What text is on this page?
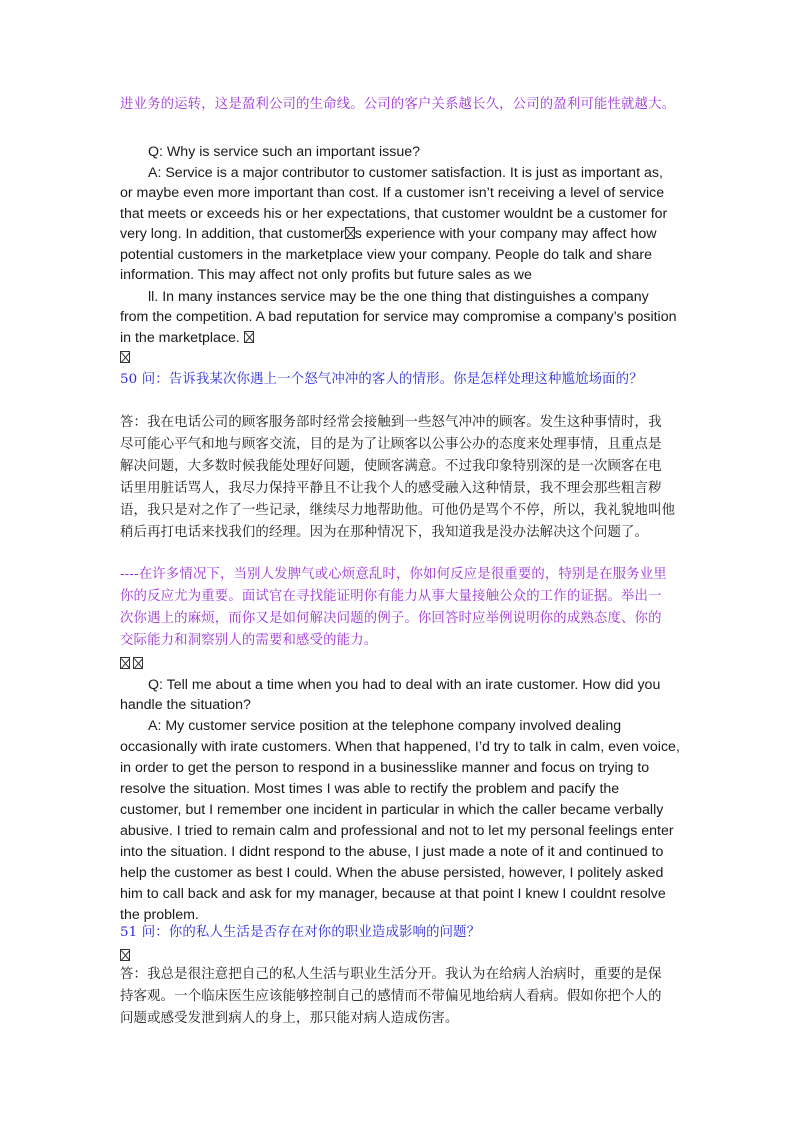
进业务的运转，这是盈利公司的生命线。公司的客户关系越长久，公司的盈利可能性就越大。
Q: Why is service such an important issue?
A: Service is a major contributor to customer satisfaction. It is just as important as,
or maybe even more important than cost. If a customer isn’t receiving a level of service
that meets or exceeds his or her expectations, that customer wouldnt be a customer for
very long. In addition, that customer s experience with your company may affect how
potential customers in the marketplace view your company. People do talk and share
information. This may affect not only profits but future sales as we
ll. In many instances service may be the one thing that distinguishes a company
from the competition. A bad reputation for service may compromise a company’s position
in the marketplace.
50 问：告诉我某次你遇上一个怒气冲冲的客人的情形。你是怎样处理这种尴尬场面的？
答：我在电话公司的顾客服务部时经常会接触到一些怒气冲冲的顾客。发生这种事情时，我
尽可能心平气和地与顾客交流，目的是为了让顾客以公事公办的态度来处理事情，且重点是
解决问题，大多数时候我能处理好问题，使顾客满意。不过我印象特别深的是一次顾客在电
话里用脏话骂人，我尽力保持平静且不让我个人的感受融入这种情景，我不理会那些粗言秽
语，我只是对之作了一些记录，继续尽力地帮助他。可他仍是骂个不停，所以，我礼貌地叫他
稍后再打电话来找我们的经理。因为在那种情况下，我知道我是没办法解决这个问题了。
----在许多情况下，当别人发脾气或心烦意乱时，你如何反应是很重要的，特别是在服务业里
你的反应尤为重要。面试官在寻找能证明你有能力从事大量接触公众的工作的证据。举出一
次你遇上的麻烦，而你又是如何解决问题的例子。你回答时应举例说明你的成熟态度、你的
交际能力和洞察别人的需要和感受的能力。
Q: Tell me about a time when you had to deal with an irate customer. How did you
handle the situation?
A: My customer service position at the telephone company involved dealing
occasionally with irate customers. When that happened, I’d try to talk in calm, even voice,
in order to get the person to respond in a businesslike manner and focus on trying to
resolve the situation. Most times I was able to rectify the problem and pacify the
customer, but I remember one incident in particular in which the caller became verbally
abusive. I tried to remain calm and professional and not to let my personal feelings enter
into the situation. I didnt respond to the abuse, I just made a note of it and continued to
help the customer as best I could. When the abuse persisted, however, I politely asked
him to call back and ask for my manager, because at that point I knew I couldnt resolve
the problem.
51 问：你的私人生活是否存在对你的职业造成影响的问题？
答：我总是很注意把自己的私人生活与职业生活分开。我认为在给病人治病时，重要的是保
持客观。一个临床医生应该能够控制自己的感情而不带偏见地给病人看病。假如你把个人的
问题或感受发泄到病人的身上，那只能对病人造成伤害。
